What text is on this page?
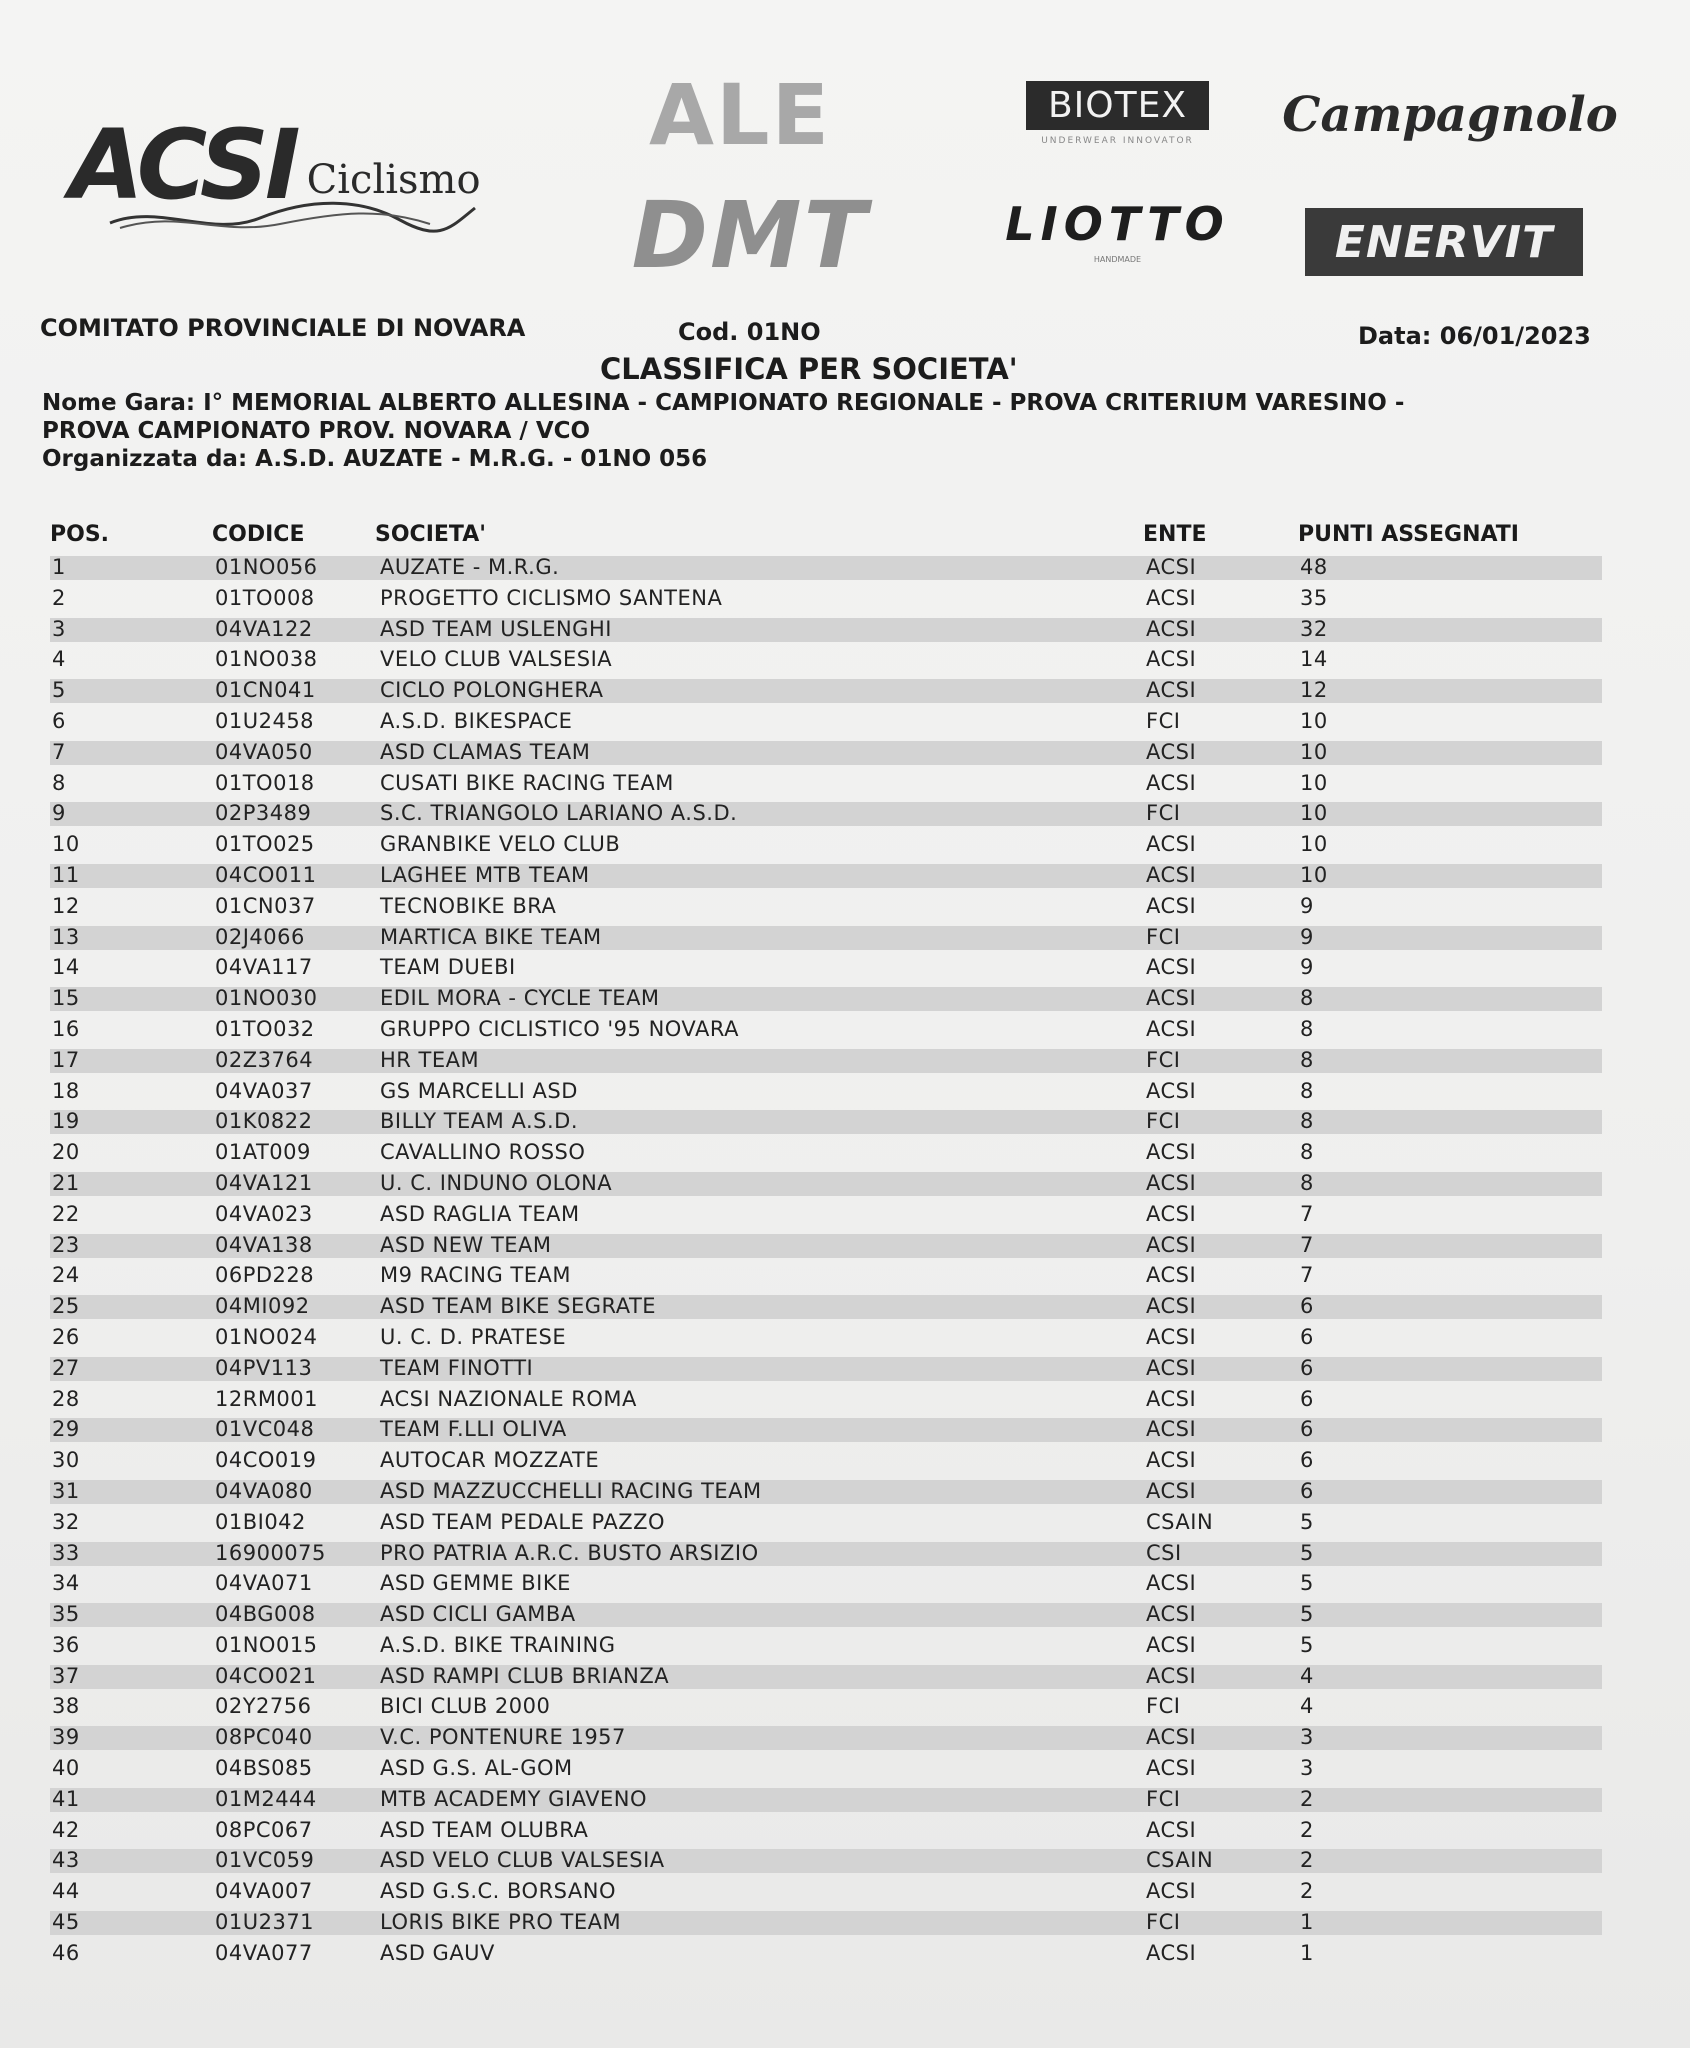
ACSI Ciclismo
ALE
DMT
BIOTEX
UNDERWEAR INNOVATOR
LIOTTO
HANDMADE
Campagnolo
ENERVIT
COMITATO PROVINCIALE DI NOVARA	Cod. 01NO	Data: 06/01/2023
CLASSIFICA PER SOCIETA'
Nome Gara: I° MEMORIAL ALBERTO ALLESINA - CAMPIONATO REGIONALE - PROVA CRITERIUM VARESINO -
PROVA CAMPIONATO PROV. NOVARA / VCO
Organizzata da: A.S.D. AUZATE - M.R.G. - 01NO 056
POS.	CODICE	SOCIETA'	ENTE	PUNTI ASSEGNATI
1	01NO056	AUZATE - M.R.G.	ACSI	48
2	01TO008	PROGETTO CICLISMO SANTENA	ACSI	35
3	04VA122	ASD TEAM USLENGHI	ACSI	32
4	01NO038	VELO CLUB VALSESIA	ACSI	14
5	01CN041	CICLO POLONGHERA	ACSI	12
6	01U2458	A.S.D. BIKESPACE	FCI	10
7	04VA050	ASD CLAMAS TEAM	ACSI	10
8	01TO018	CUSATI BIKE RACING TEAM	ACSI	10
9	02P3489	S.C. TRIANGOLO LARIANO A.S.D.	FCI	10
10	01TO025	GRANBIKE VELO CLUB	ACSI	10
11	04CO011	LAGHEE MTB TEAM	ACSI	10
12	01CN037	TECNOBIKE BRA	ACSI	9
13	02J4066	MARTICA BIKE TEAM	FCI	9
14	04VA117	TEAM DUEBI	ACSI	9
15	01NO030	EDIL MORA - CYCLE TEAM	ACSI	8
16	01TO032	GRUPPO CICLISTICO '95 NOVARA	ACSI	8
17	02Z3764	HR TEAM	FCI	8
18	04VA037	GS MARCELLI ASD	ACSI	8
19	01K0822	BILLY TEAM A.S.D.	FCI	8
20	01AT009	CAVALLINO ROSSO	ACSI	8
21	04VA121	U. C. INDUNO OLONA	ACSI	8
22	04VA023	ASD RAGLIA TEAM	ACSI	7
23	04VA138	ASD NEW TEAM	ACSI	7
24	06PD228	M9 RACING TEAM	ACSI	7
25	04MI092	ASD TEAM BIKE SEGRATE	ACSI	6
26	01NO024	U. C. D. PRATESE	ACSI	6
27	04PV113	TEAM FINOTTI	ACSI	6
28	12RM001	ACSI NAZIONALE ROMA	ACSI	6
29	01VC048	TEAM F.LLI OLIVA	ACSI	6
30	04CO019	AUTOCAR MOZZATE	ACSI	6
31	04VA080	ASD MAZZUCCHELLI RACING TEAM	ACSI	6
32	01BI042	ASD TEAM PEDALE PAZZO	CSAIN	5
33	16900075	PRO PATRIA A.R.C. BUSTO ARSIZIO	CSI	5
34	04VA071	ASD GEMME BIKE	ACSI	5
35	04BG008	ASD CICLI GAMBA	ACSI	5
36	01NO015	A.S.D. BIKE TRAINING	ACSI	5
37	04CO021	ASD RAMPI CLUB BRIANZA	ACSI	4
38	02Y2756	BICI CLUB 2000	FCI	4
39	08PC040	V.C. PONTENURE 1957	ACSI	3
40	04BS085	ASD G.S. AL-GOM	ACSI	3
41	01M2444	MTB ACADEMY GIAVENO	FCI	2
42	08PC067	ASD TEAM OLUBRA	ACSI	2
43	01VC059	ASD VELO CLUB VALSESIA	CSAIN	2
44	04VA007	ASD G.S.C. BORSANO	ACSI	2
45	01U2371	LORIS BIKE PRO TEAM	FCI	1
46	04VA077	ASD GAUV	ACSI	1
